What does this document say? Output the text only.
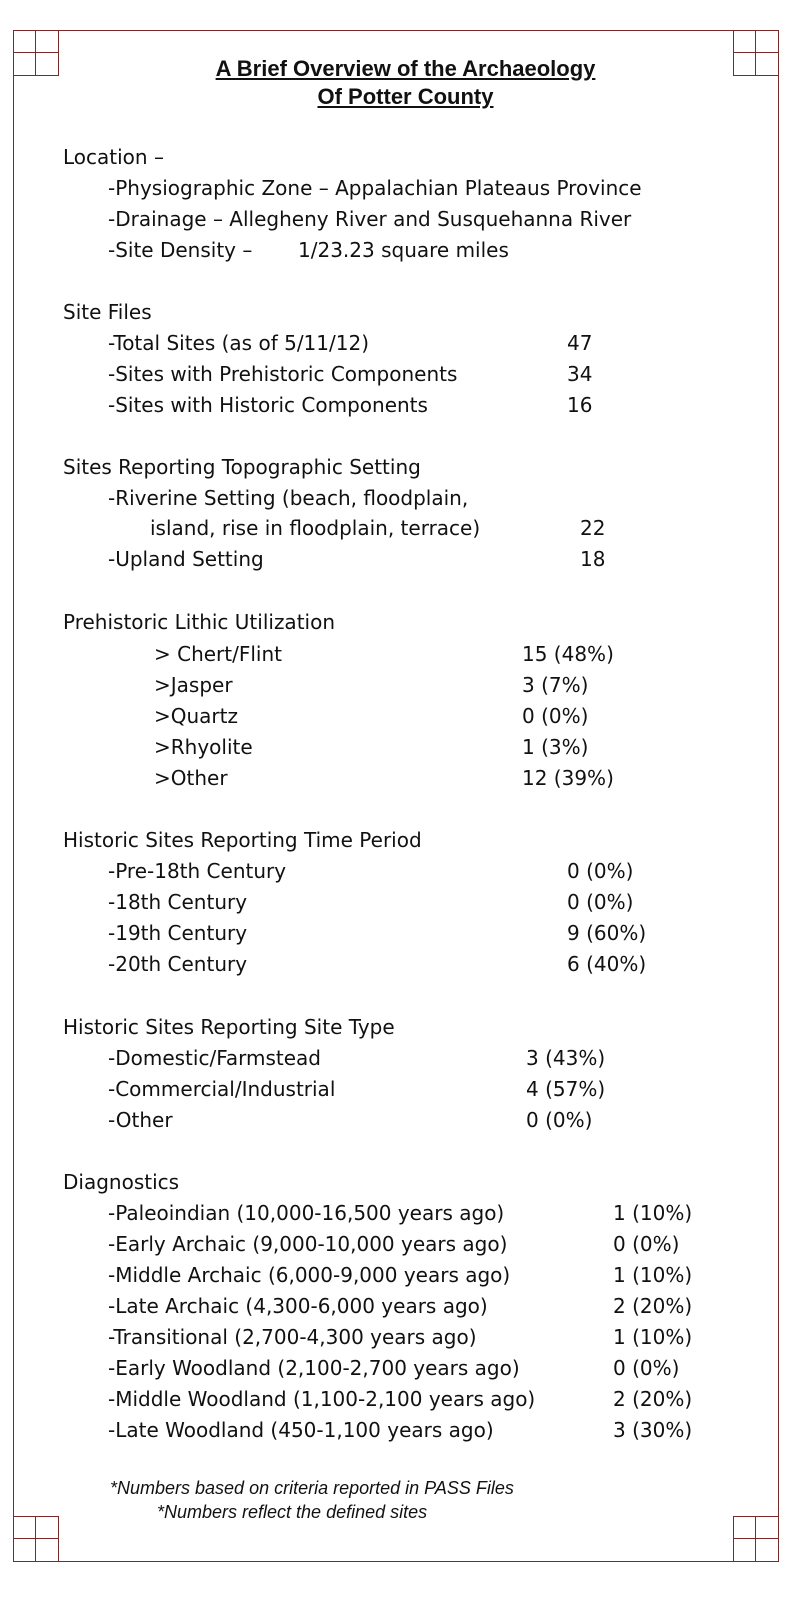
A Brief Overview of the Archaeology
Of Potter County
Location –
-Physiographic Zone – Appalachian Plateaus Province
-Drainage – Allegheny River and Susquehanna River
-Site Density – 1/23.23 square miles
Site Files
-Total Sites (as of 5/11/12)	47
-Sites with Prehistoric Components	34
-Sites with Historic Components	16
Sites Reporting Topographic Setting
-Riverine Setting (beach, floodplain,
island, rise in floodplain, terrace)	22
-Upland Setting	18
Prehistoric Lithic Utilization
> Chert/Flint	15 (48%)
>Jasper	3 (7%)
>Quartz	0 (0%)
>Rhyolite	1 (3%)
>Other	12 (39%)
Historic Sites Reporting Time Period
-Pre-18th Century	0 (0%)
-18th Century	0 (0%)
-19th Century	9 (60%)
-20th Century	6 (40%)
Historic Sites Reporting Site Type
-Domestic/Farmstead	3 (43%)
-Commercial/Industrial	4 (57%)
-Other	0 (0%)
Diagnostics
-Paleoindian (10,000-16,500 years ago)	1 (10%)
-Early Archaic (9,000-10,000 years ago)	0 (0%)
-Middle Archaic (6,000-9,000 years ago)	1 (10%)
-Late Archaic (4,300-6,000 years ago)	2 (20%)
-Transitional (2,700-4,300 years ago)	1 (10%)
-Early Woodland (2,100-2,700 years ago)	0 (0%)
-Middle Woodland (1,100-2,100 years ago)	2 (20%)
-Late Woodland (450-1,100 years ago)	3 (30%)
*Numbers based on criteria reported in PASS Files
*Numbers reflect the defined sites
